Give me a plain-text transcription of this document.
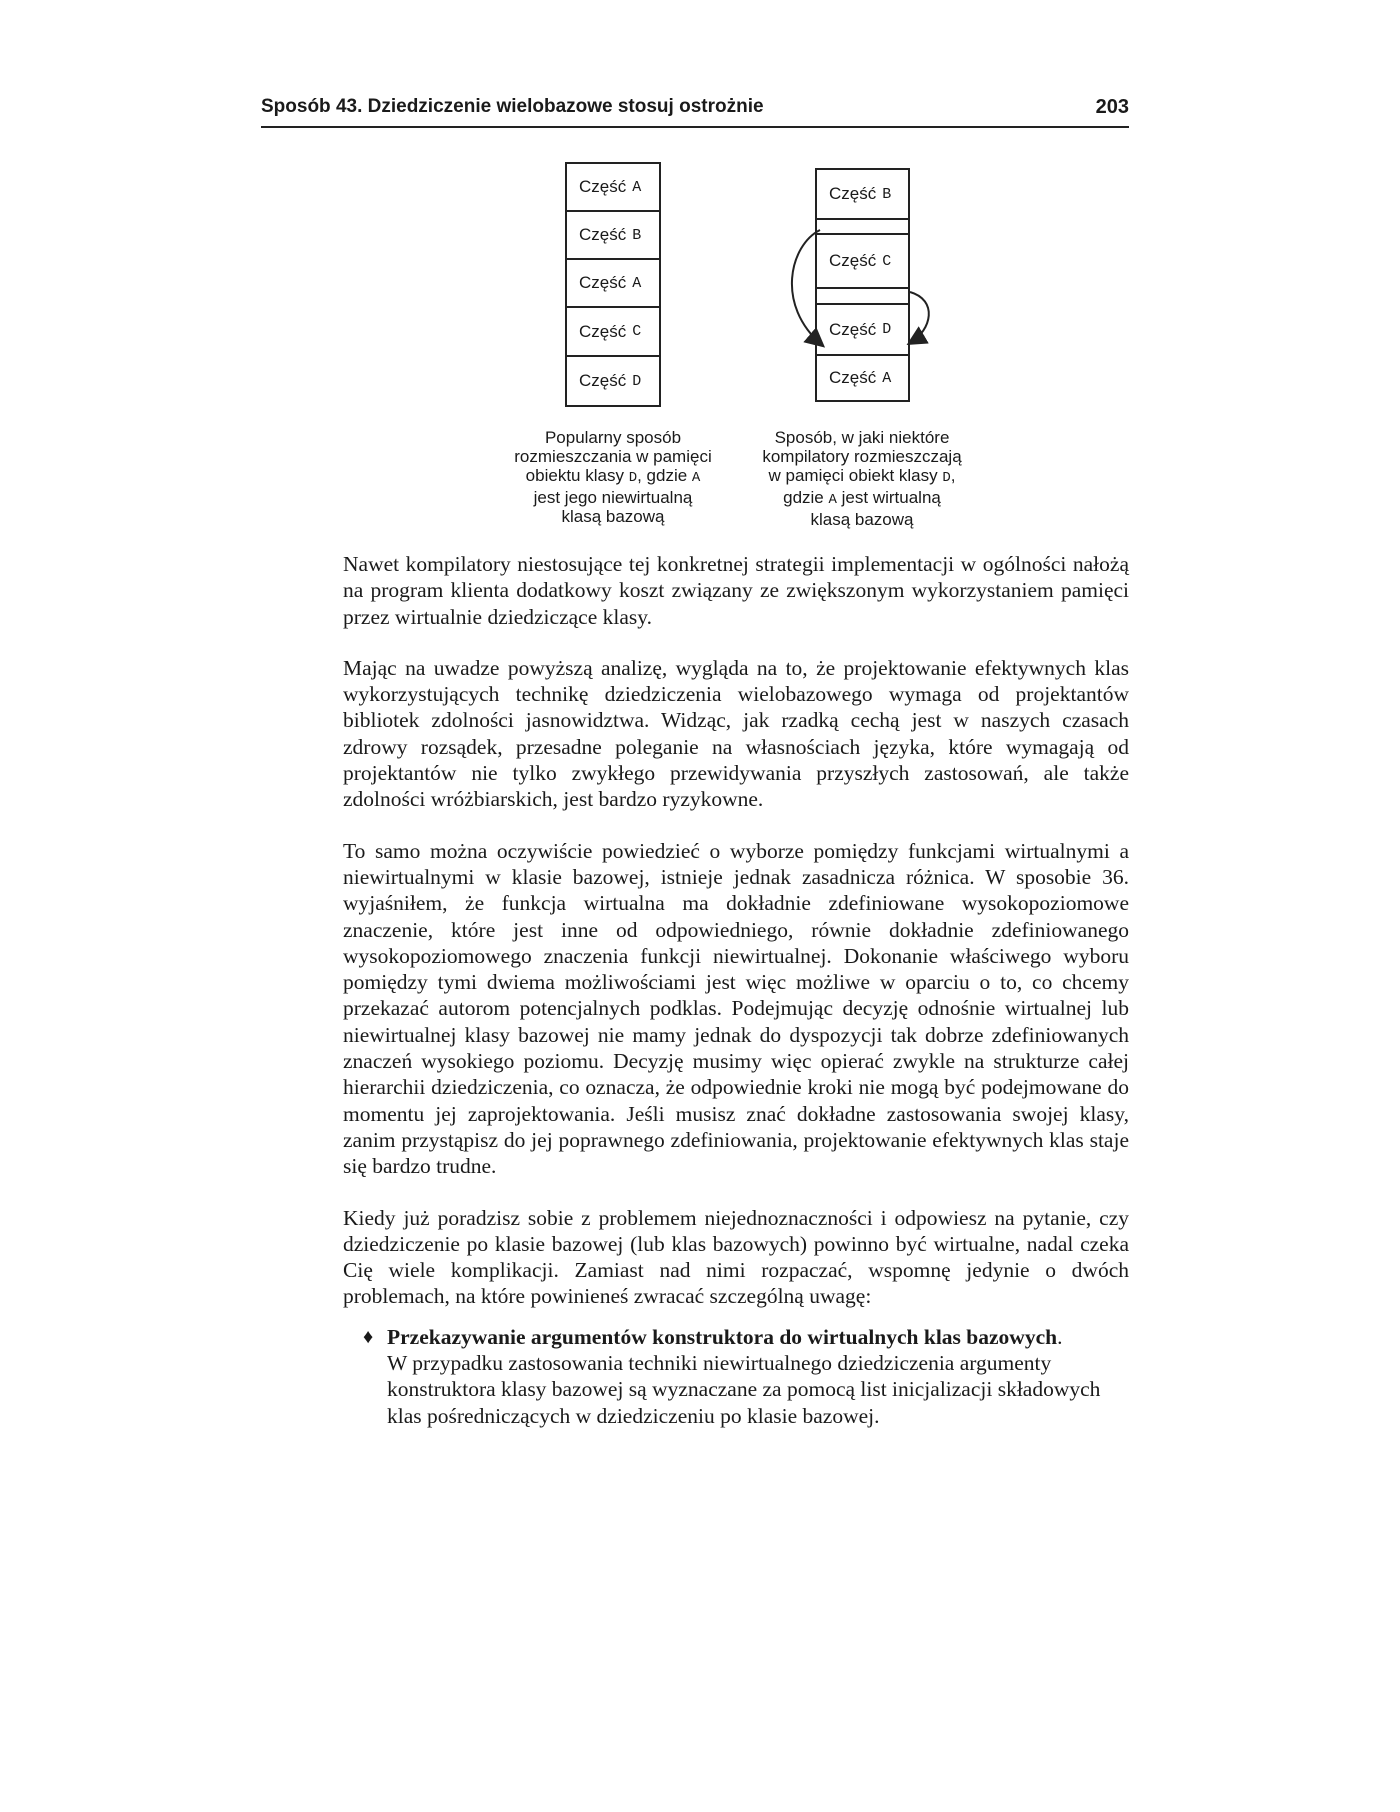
Sposób 43. Dziedziczenie wielobazowe stosuj ostrożnie	203
Część A
Część B
Część A
Część C
Część D
Część B
Część C
Część D
Część A
Popularny sposób
rozmieszczania w pamięci
obiektu klasy D, gdzie A
jest jego niewirtualną
klasą bazową
Sposób, w jaki niektóre
kompilatory rozmieszczają
w pamięci obiekt klasy D,
gdzie A jest wirtualną
klasą bazową

Nawet kompilatory niestosujące tej konkretnej strategii implementacji w ogólności nałożą na program klienta dodatkowy koszt związany ze zwiększonym wykorzystaniem pamięci przez wirtualnie dziedziczące klasy.

Mając na uwadze powyższą analizę, wygląda na to, że projektowanie efektywnych klas wykorzystujących technikę dziedziczenia wielobazowego wymaga od projektantów bibliotek zdolności jasnowidztwa. Widząc, jak rzadką cechą jest w naszych czasach zdrowy rozsądek, przesadne poleganie na własnościach języka, które wymagają od projektantów nie tylko zwykłego przewidywania przyszłych zastosowań, ale także zdolności wróżbiarskich, jest bardzo ryzykowne.

To samo można oczywiście powiedzieć o wyborze pomiędzy funkcjami wirtualnymi a niewirtualnymi w klasie bazowej, istnieje jednak zasadnicza różnica. W sposobie 36. wyjaśniłem, że funkcja wirtualna ma dokładnie zdefiniowane wysokopoziomowe znaczenie, które jest inne od odpowiedniego, równie dokładnie zdefiniowanego wysokopoziomowego znaczenia funkcji niewirtualnej. Dokonanie właściwego wyboru pomiędzy tymi dwiema możliwościami jest więc możliwe w oparciu o to, co chcemy przekazać autorom potencjalnych podklas. Podejmując decyzję odnośnie wirtualnej lub niewirtualnej klasy bazowej nie mamy jednak do dyspozycji tak dobrze zdefiniowanych znaczeń wysokiego poziomu. Decyzję musimy więc opierać zwykle na strukturze całej hierarchii dziedziczenia, co oznacza, że odpowiednie kroki nie mogą być podejmowane do momentu jej zaprojektowania. Jeśli musisz znać dokładne zastosowania swojej klasy, zanim przystąpisz do jej poprawnego zdefiniowania, projektowanie efektywnych klas staje się bardzo trudne.

Kiedy już poradzisz sobie z problemem niejednoznaczności i odpowiesz na pytanie, czy dziedziczenie po klasie bazowej (lub klas bazowych) powinno być wirtualne, nadal czeka Cię wiele komplikacji. Zamiast nad nimi rozpaczać, wspomnę jedynie o dwóch problemach, na które powinieneś zwracać szczególną uwagę:

♦ Przekazywanie argumentów konstruktora do wirtualnych klas bazowych.
W przypadku zastosowania techniki niewirtualnego dziedziczenia argumenty konstruktora klasy bazowej są wyznaczane za pomocą list inicjalizacji składowych klas pośredniczących w dziedziczeniu po klasie bazowej.
